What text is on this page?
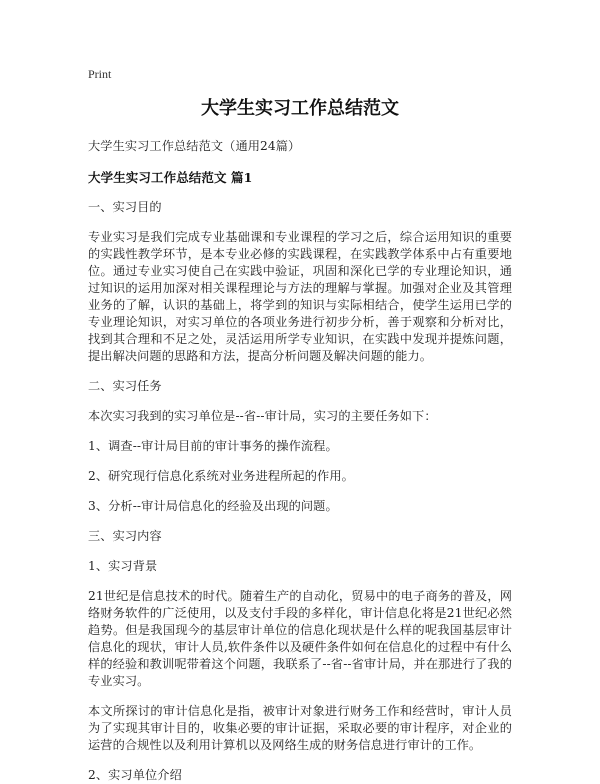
Print
大学生实习工作总结范文

大学生实习工作总结范文（通用24篇）

大学生实习工作总结范文 篇1

一、实习目的

专业实习是我们完成专业基础课和专业课程的学习之后，综合运用知识的重要的实践性教学环节，是本专业必修的实践课程，在实践教学体系中占有重要地位。通过专业实习使自己在实践中验证，巩固和深化已学的专业理论知识，通过知识的运用加深对相关课程理论与方法的理解与掌握。加强对企业及其管理业务的了解，认识的基础上，将学到的知识与实际相结合，使学生运用已学的专业理论知识，对实习单位的各项业务进行初步分析，善于观察和分析对比，找到其合理和不足之处，灵活运用所学专业知识，在实践中发现并提炼问题，提出解决问题的思路和方法，提高分析问题及解决问题的能力。

二、实习任务

本次实习我到的实习单位是--省--审计局，实习的主要任务如下：

1、调查--审计局目前的审计事务的操作流程。

2、研究现行信息化系统对业务进程所起的作用。

3、分析--审计局信息化的经验及出现的问题。

三、实习内容

1、实习背景

21世纪是信息技术的时代。随着生产的自动化，贸易中的电子商务的普及，网络财务软件的广泛使用，以及支付手段的多样化，审计信息化将是21世纪必然趋势。但是我国现今的基层审计单位的信息化现状是什么样的呢我国基层审计信息化的现状，审计人员,软件条件以及硬件条件如何在信息化的过程中有什么样的经验和教训呢带着这个问题，我联系了--省--省审计局，并在那进行了我的专业实习。

本文所探讨的审计信息化是指，被审计对象进行财务工作和经营时，审计人员为了实现其审计目的，收集必要的审计证据，采取必要的审计程序，对企业的运营的合规性以及利用计算机以及网络生成的财务信息进行审计的工作。

2、实习单位介绍
